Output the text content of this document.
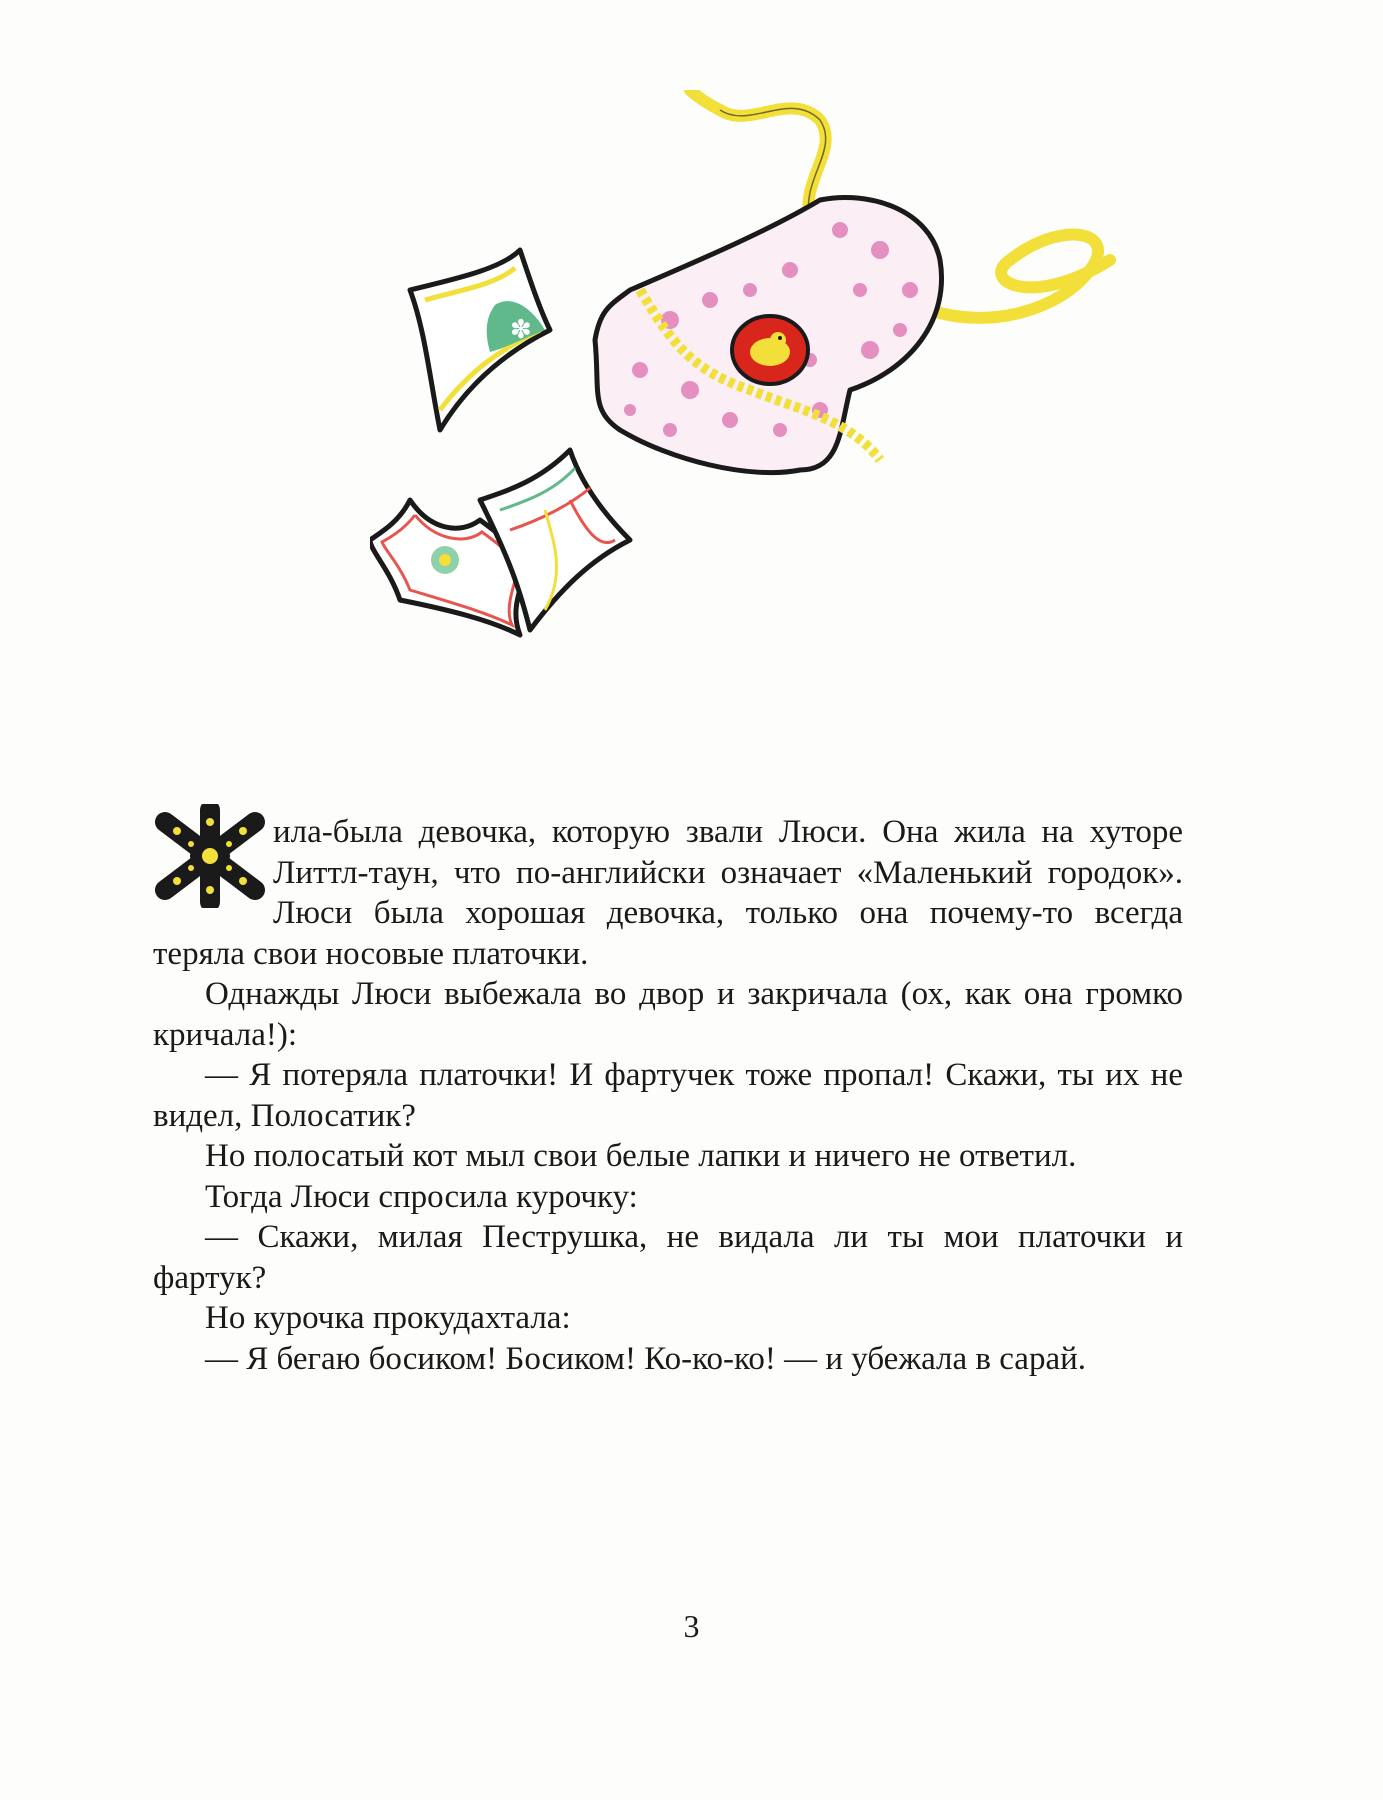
✽

ила-была девочка, которую звали Люси. Она жила на хуторе Литтл-таун, что по-английски означает «Маленький городок». Люси была хорошая девочка, только она почему-то всегда теряла свои носовые платочки.

Однажды Люси выбежала во двор и закричала (ох, как она громко кричала!):

— Я потеряла платочки! И фартучек тоже пропал! Скажи, ты их не видел, Полосатик?

Но полосатый кот мыл свои белые лапки и ничего не ответил.

Тогда Люси спросила курочку:

— Скажи, милая Пеструшка, не видала ли ты мои платочки и фартук?

Но курочка прокудахтала:

— Я бегаю босиком! Босиком! Ко-ко-ко! — и убежала в сарай.

3
